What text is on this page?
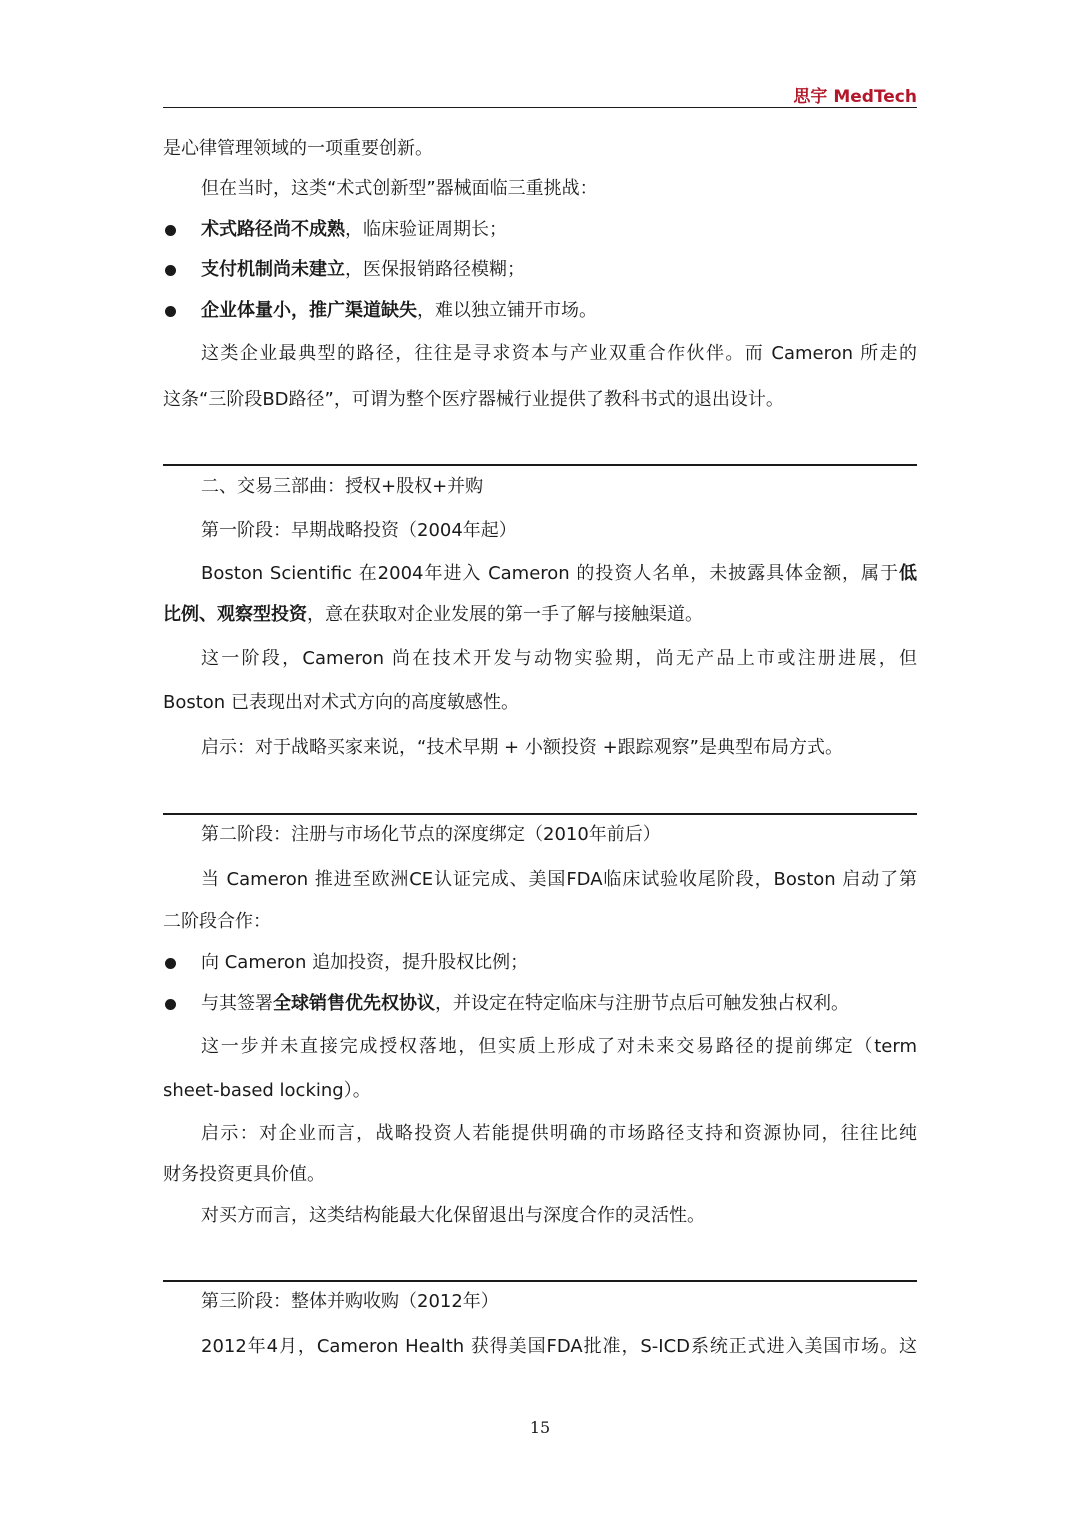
思宇 MedTech
是心律管理领域的一项重要创新。
但在当时，这类“术式创新型”器械面临三重挑战：
术式路径尚不成熟，临床验证周期长；
支付机制尚未建立，医保报销路径模糊；
企业体量小，推广渠道缺失，难以独立铺开市场。
这类企业最典型的路径，往往是寻求资本与产业双重合作伙伴。而 Cameron 所走的
这条“三阶段BD路径”，可谓为整个医疗器械行业提供了教科书式的退出设计。
二、交易三部曲：授权+股权+并购
第一阶段：早期战略投资（2004年起）
Boston Scientific 在2004年进入 Cameron 的投资人名单，未披露具体金额，属于低
比例、观察型投资，意在获取对企业发展的第一手了解与接触渠道。
这一阶段，Cameron 尚在技术开发与动物实验期，尚无产品上市或注册进展，但
Boston 已表现出对术式方向的高度敏感性。
启示：对于战略买家来说，“技术早期 + 小额投资 +跟踪观察”是典型布局方式。
第二阶段：注册与市场化节点的深度绑定（2010年前后）
当 Cameron 推进至欧洲CE认证完成、美国FDA临床试验收尾阶段，Boston 启动了第
二阶段合作：
向 Cameron 追加投资，提升股权比例；
与其签署全球销售优先权协议，并设定在特定临床与注册节点后可触发独占权利。
这一步并未直接完成授权落地，但实质上形成了对未来交易路径的提前绑定（term
sheet-based locking）。
启示：对企业而言，战略投资人若能提供明确的市场路径支持和资源协同，往往比纯
财务投资更具价值。
对买方而言，这类结构能最大化保留退出与深度合作的灵活性。
第三阶段：整体并购收购（2012年）
2012年4月，Cameron Health 获得美国FDA批准，S-ICD系统正式进入美国市场。这
15
